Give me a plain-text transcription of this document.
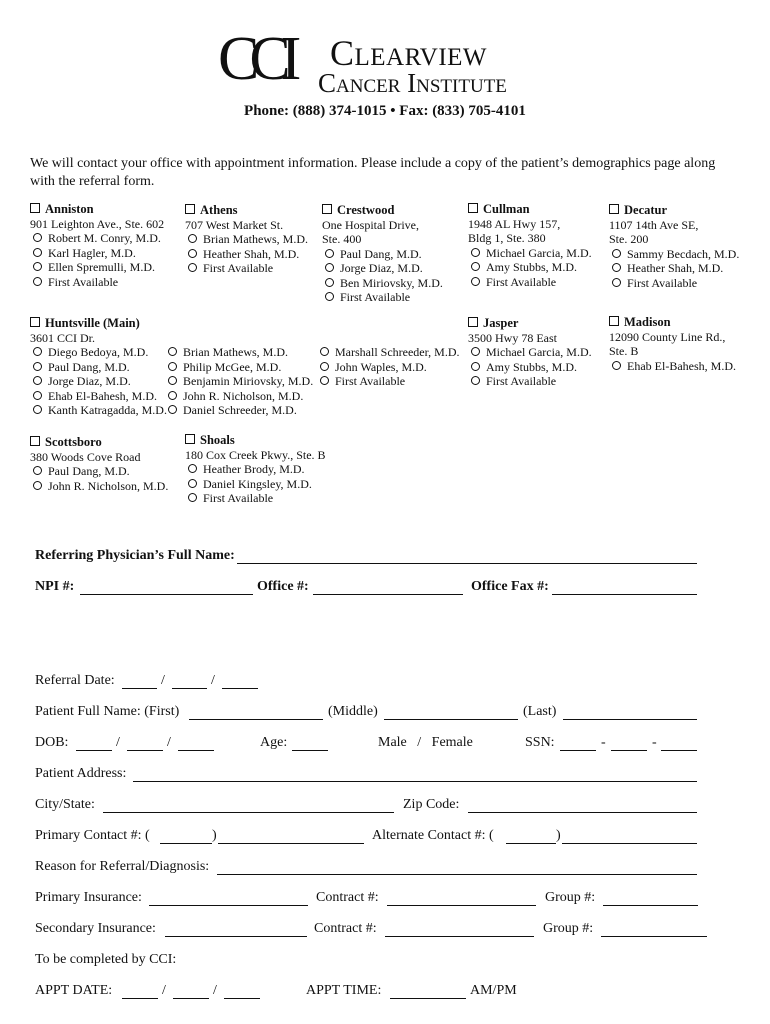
CCI Clearview
Cancer Institute
Phone: (888) 374-1015 • Fax: (833) 705-4101
We will contact your office with appointment information. Please include a copy of the patient’s demographics page along with the referral form.
Anniston
901 Leighton Ave., Ste. 602
Robert M. Conry, M.D.
Karl Hagler, M.D.
Ellen Spremulli, M.D.
First Available
Athens
707 West Market St.
Brian Mathews, M.D.
Heather Shah, M.D.
First Available
Crestwood
One Hospital Drive,
Ste. 400
Paul Dang, M.D.
Jorge Diaz, M.D.
Ben Miriovsky, M.D.
First Available
Cullman
1948 AL Hwy 157,
Bldg 1, Ste. 380
Michael Garcia, M.D.
Amy Stubbs, M.D.
First Available
Decatur
1107 14th Ave SE,
Ste. 200
Sammy Becdach, M.D.
Heather Shah, M.D.
First Available
Huntsville (Main)
3601 CCI Dr.
Diego Bedoya, M.D.
Paul Dang, M.D.
Jorge Diaz, M.D.
Ehab El-Bahesh, M.D.
Kanth Katragadda, M.D.
Brian Mathews, M.D.
Philip McGee, M.D.
Benjamin Miriovsky, M.D.
John R. Nicholson, M.D.
Daniel Schreeder, M.D.
Marshall Schreeder, M.D.
John Waples, M.D.
First Available
Jasper
3500 Hwy 78 East
Michael Garcia, M.D.
Amy Stubbs, M.D.
First Available
Madison
12090 County Line Rd.,
Ste. B
Ehab El-Bahesh, M.D.
Scottsboro
380 Woods Cove Road
Paul Dang, M.D.
John R. Nicholson, M.D.
Shoals
180 Cox Creek Pkwy., Ste. B
Heather Brody, M.D.
Daniel Kingsley, M.D.
First Available
Referring Physician’s Full Name:
NPI #:	Office #:	Office Fax #:
Referral Date:	/	/
Patient Full Name: (First)	(Middle)	(Last)
DOB:	/	/	Age:	Male   /   Female	SSN:	-	-
Patient Address:
City/State:	Zip Code:
Primary Contact #: (	)	Alternate Contact #: (	)
Reason for Referral/Diagnosis:
Primary Insurance:	Contract #:	Group #:
Secondary Insurance:	Contract #:	Group #:
To be completed by CCI:
APPT DATE:	/	/	APPT TIME:	AM/PM
